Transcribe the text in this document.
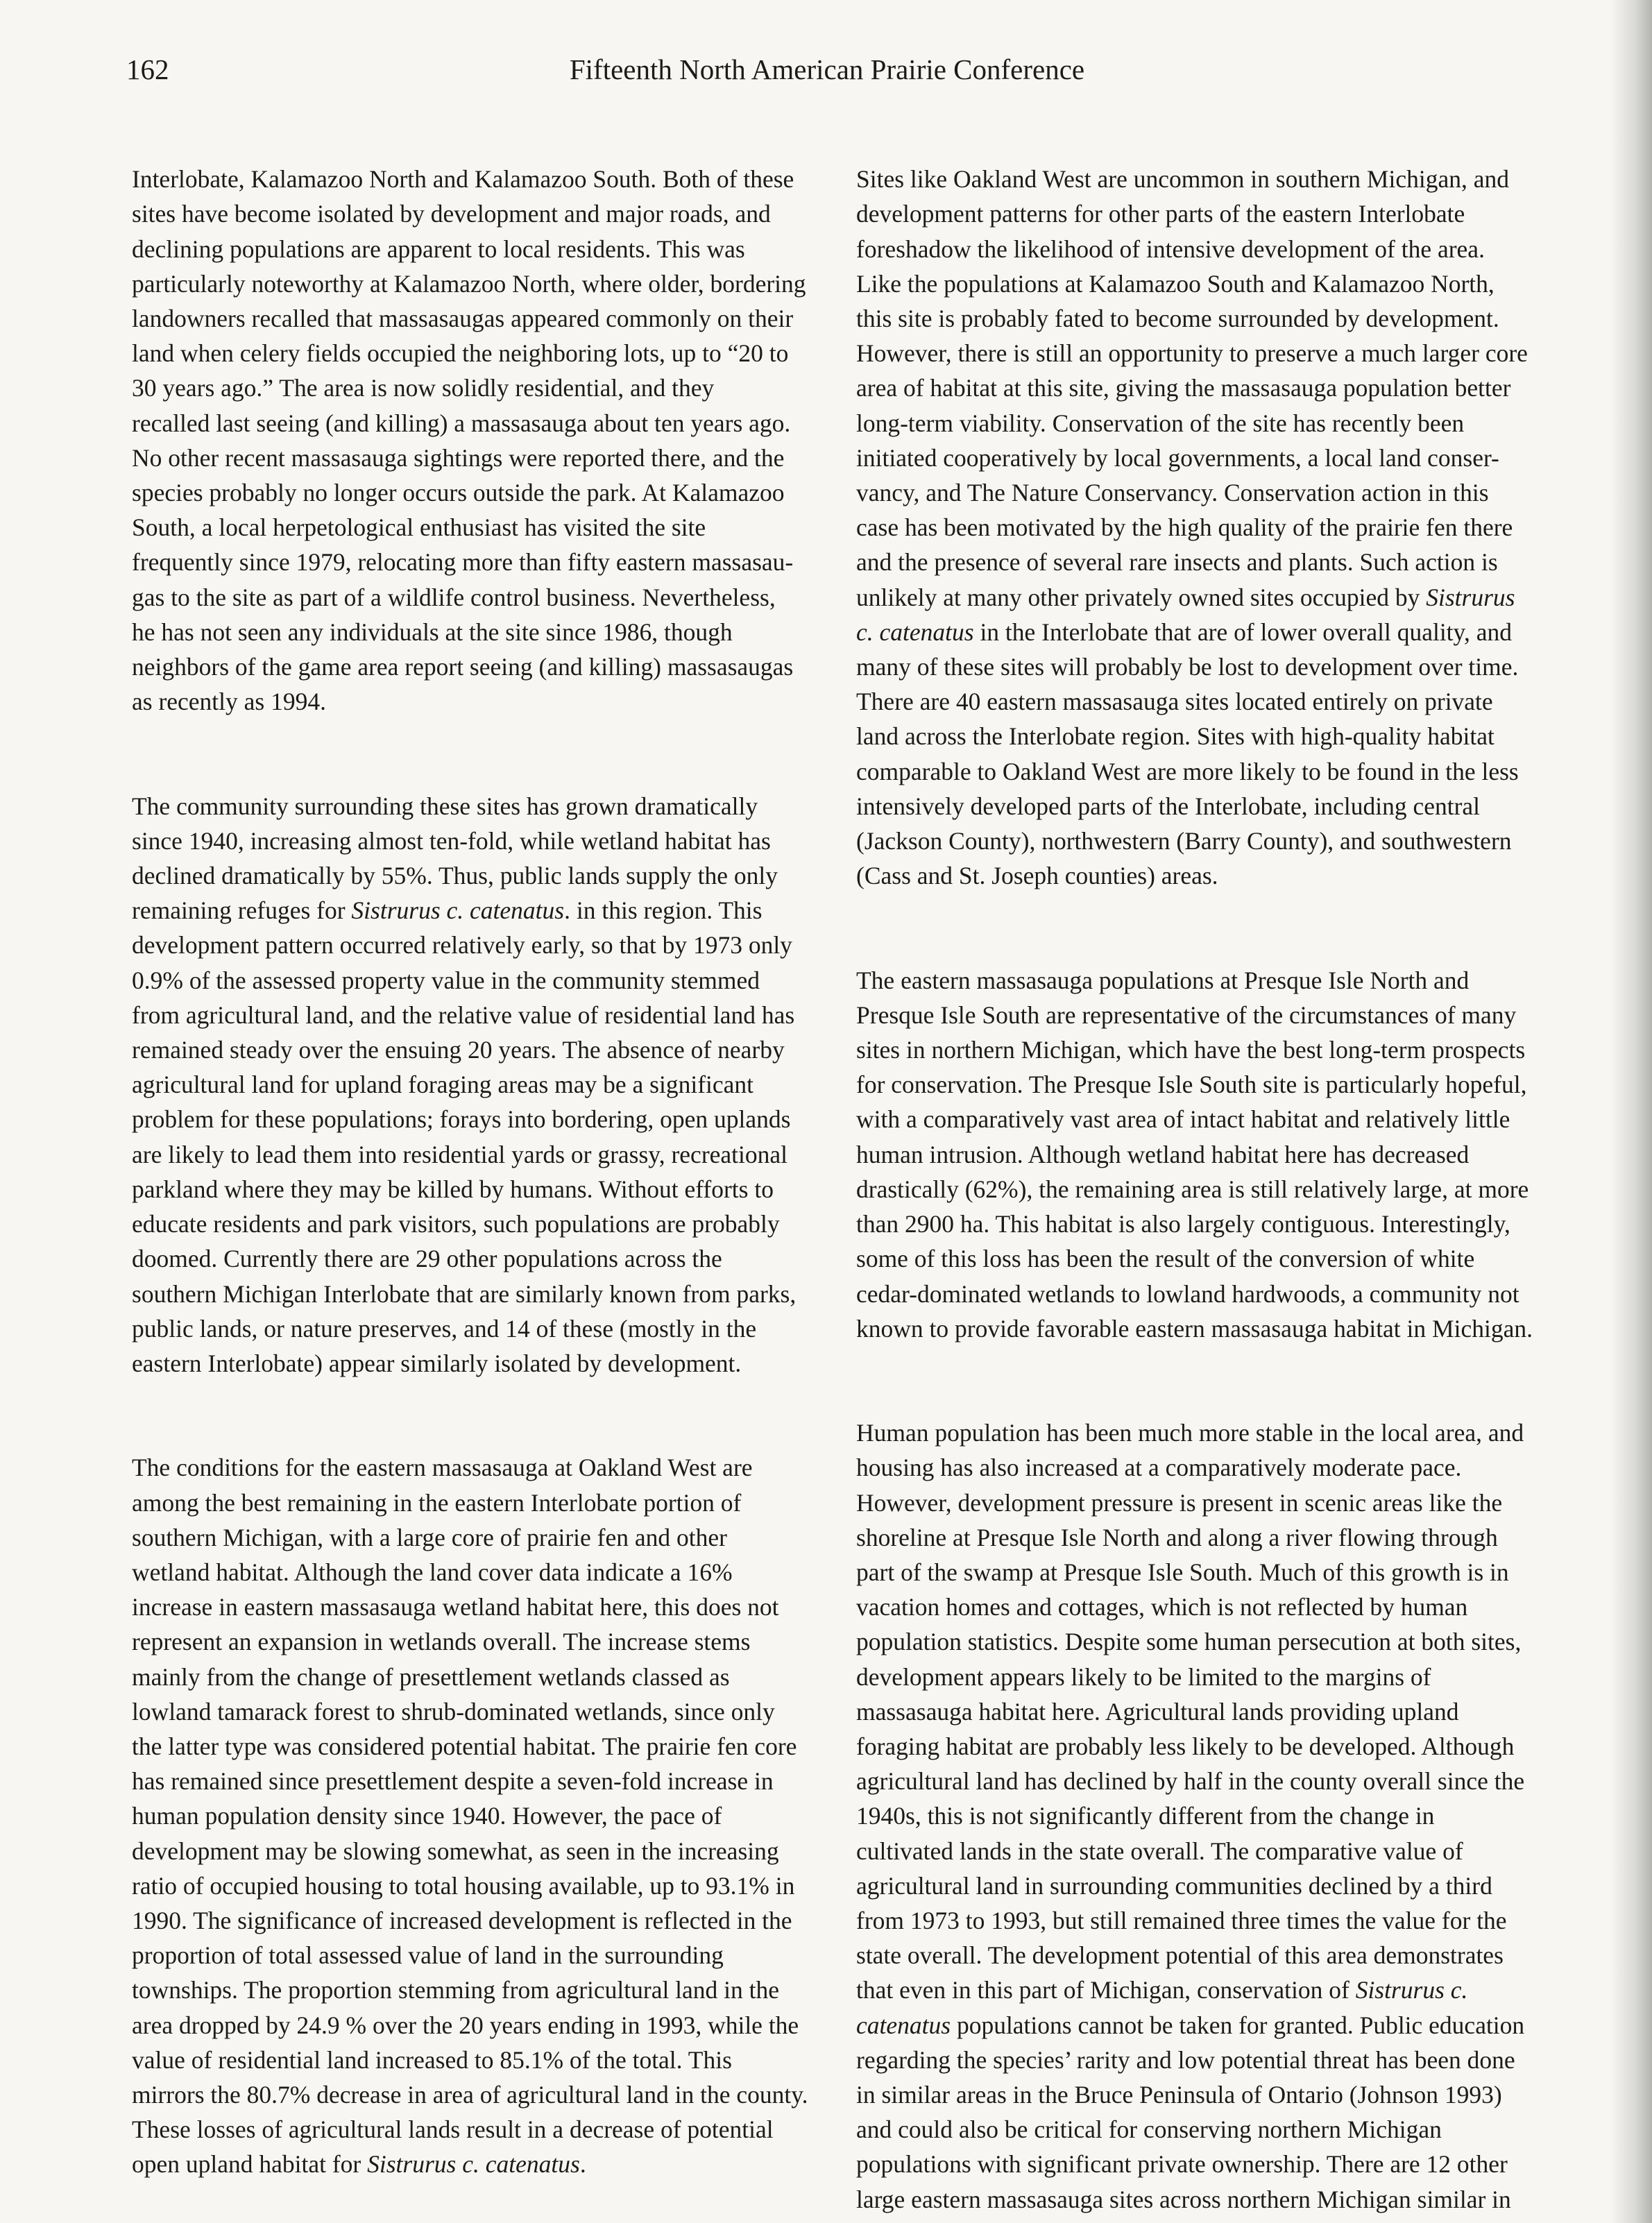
162	Fifteenth North American Prairie Conference

Interlobate, Kalamazoo North and Kalamazoo South. Both of these
sites have become isolated by development and major roads, and
declining populations are apparent to local residents. This was
particularly noteworthy at Kalamazoo North, where older, bordering
landowners recalled that massasaugas appeared commonly on their
land when celery fields occupied the neighboring lots, up to “20 to
30 years ago.” The area is now solidly residential, and they
recalled last seeing (and killing) a massasauga about ten years ago.
No other recent massasauga sightings were reported there, and the
species probably no longer occurs outside the park. At Kalamazoo
South, a local herpetological enthusiast has visited the site
frequently since 1979, relocating more than fifty eastern massasau-
gas to the site as part of a wildlife control business. Nevertheless,
he has not seen any individuals at the site since 1986, though
neighbors of the game area report seeing (and killing) massasaugas
as recently as 1994.

The community surrounding these sites has grown dramatically
since 1940, increasing almost ten-fold, while wetland habitat has
declined dramatically by 55%. Thus, public lands supply the only
remaining refuges for Sistrurus c. catenatus. in this region. This
development pattern occurred relatively early, so that by 1973 only
0.9% of the assessed property value in the community stemmed
from agricultural land, and the relative value of residential land has
remained steady over the ensuing 20 years. The absence of nearby
agricultural land for upland foraging areas may be a significant
problem for these populations; forays into bordering, open uplands
are likely to lead them into residential yards or grassy, recreational
parkland where they may be killed by humans. Without efforts to
educate residents and park visitors, such populations are probably
doomed. Currently there are 29 other populations across the
southern Michigan Interlobate that are similarly known from parks,
public lands, or nature preserves, and 14 of these (mostly in the
eastern Interlobate) appear similarly isolated by development.

The conditions for the eastern massasauga at Oakland West are
among the best remaining in the eastern Interlobate portion of
southern Michigan, with a large core of prairie fen and other
wetland habitat. Although the land cover data indicate a 16%
increase in eastern massasauga wetland habitat here, this does not
represent an expansion in wetlands overall. The increase stems
mainly from the change of presettlement wetlands classed as
lowland tamarack forest to shrub-dominated wetlands, since only
the latter type was considered potential habitat. The prairie fen core
has remained since presettlement despite a seven-fold increase in
human population density since 1940. However, the pace of
development may be slowing somewhat, as seen in the increasing
ratio of occupied housing to total housing available, up to 93.1% in
1990. The significance of increased development is reflected in the
proportion of total assessed value of land in the surrounding
townships. The proportion stemming from agricultural land in the
area dropped by 24.9 % over the 20 years ending in 1993, while the
value of residential land increased to 85.1% of the total. This
mirrors the 80.7% decrease in area of agricultural land in the county.
These losses of agricultural lands result in a decrease of potential
open upland habitat for Sistrurus c. catenatus.

Sites like Oakland West are uncommon in southern Michigan, and
development patterns for other parts of the eastern Interlobate
foreshadow the likelihood of intensive development of the area.
Like the populations at Kalamazoo South and Kalamazoo North,
this site is probably fated to become surrounded by development.
However, there is still an opportunity to preserve a much larger core
area of habitat at this site, giving the massasauga population better
long-term viability. Conservation of the site has recently been
initiated cooperatively by local governments, a local land conser-
vancy, and The Nature Conservancy. Conservation action in this
case has been motivated by the high quality of the prairie fen there
and the presence of several rare insects and plants. Such action is
unlikely at many other privately owned sites occupied by Sistrurus
c. catenatus in the Interlobate that are of lower overall quality, and
many of these sites will probably be lost to development over time.
There are 40 eastern massasauga sites located entirely on private
land across the Interlobate region. Sites with high-quality habitat
comparable to Oakland West are more likely to be found in the less
intensively developed parts of the Interlobate, including central
(Jackson County), northwestern (Barry County), and southwestern
(Cass and St. Joseph counties) areas.

The eastern massasauga populations at Presque Isle North and
Presque Isle South are representative of the circumstances of many
sites in northern Michigan, which have the best long-term prospects
for conservation. The Presque Isle South site is particularly hopeful,
with a comparatively vast area of intact habitat and relatively little
human intrusion. Although wetland habitat here has decreased
drastically (62%), the remaining area is still relatively large, at more
than 2900 ha. This habitat is also largely contiguous. Interestingly,
some of this loss has been the result of the conversion of white
cedar-dominated wetlands to lowland hardwoods, a community not
known to provide favorable eastern massasauga habitat in Michigan.

Human population has been much more stable in the local area, and
housing has also increased at a comparatively moderate pace.
However, development pressure is present in scenic areas like the
shoreline at Presque Isle North and along a river flowing through
part of the swamp at Presque Isle South. Much of this growth is in
vacation homes and cottages, which is not reflected by human
population statistics. Despite some human persecution at both sites,
development appears likely to be limited to the margins of
massasauga habitat here. Agricultural lands providing upland
foraging habitat are probably less likely to be developed. Although
agricultural land has declined by half in the county overall since the
1940s, this is not significantly different from the change in
cultivated lands in the state overall. The comparative value of
agricultural land in surrounding communities declined by a third
from 1973 to 1993, but still remained three times the value for the
state overall. The development potential of this area demonstrates
that even in this part of Michigan, conservation of Sistrurus c.
catenatus populations cannot be taken for granted. Public education
regarding the species’ rarity and low potential threat has been done
in similar areas in the Bruce Peninsula of Ontario (Johnson 1993)
and could also be critical for conserving northern Michigan
populations with significant private ownership. There are 12 other
large eastern massasauga sites across northern Michigan similar in
